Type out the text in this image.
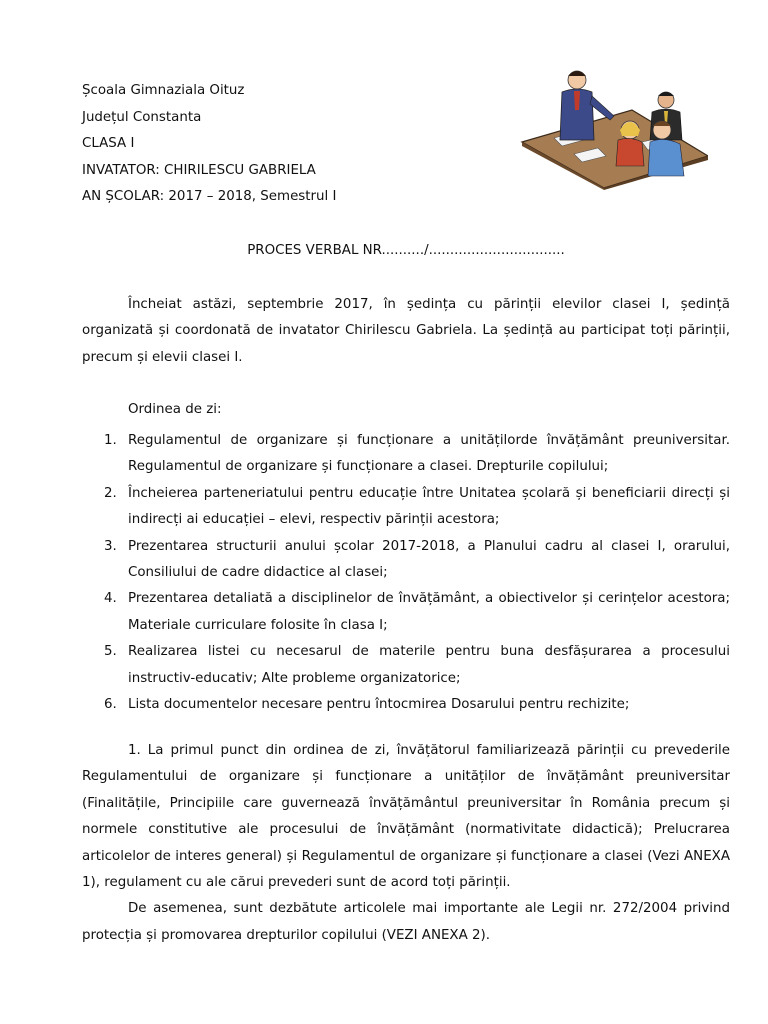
Școala Gimnaziala Oituz
Județul Constanta
CLASA I
INVATATOR: CHIRILESCU GABRIELA
AN ȘCOLAR: 2017 – 2018, Semestrul I
PROCES VERBAL NR........../................................

Încheiat astăzi, septembrie 2017, în ședința cu părinții elevilor clasei I, ședință organizată și coordonată de invatator Chirilescu Gabriela. La ședință au participat toți părinții, precum și elevii clasei I.

Ordinea de zi:
1. Regulamentul de organizare și funcționare a unitățilorde învățământ preuniversitar. Regulamentul de organizare și funcționare a clasei. Drepturile copilului;
2. Încheierea parteneriatului pentru educație între Unitatea școlară și beneficiarii direcți și indirecți ai educației – elevi, respectiv părinții acestora;
3. Prezentarea structurii anului școlar 2017-2018, a Planului cadru al clasei I, orarului, Consiliului de cadre didactice al clasei;
4. Prezentarea detaliată a disciplinelor de învățământ, a obiectivelor și cerințelor acestora; Materiale curriculare folosite în clasa I;
5. Realizarea listei cu necesarul de materile pentru buna desfășurarea a procesului instructiv-educativ; Alte probleme organizatorice;
6. Lista documentelor necesare pentru întocmirea Dosarului pentru rechizite;

1. La primul punct din ordinea de zi, învățătorul familiarizează părinții cu prevederile Regulamentului de organizare și funcționare a unităților de învățământ preuniversitar (Finalitățile, Principiile care guvernează învățământul preuniversitar în România precum și normele constitutive ale procesului de învățământ (normativitate didactică); Prelucrarea articolelor de interes general) și Regulamentul de organizare și funcționare a clasei (Vezi ANEXA 1), regulament cu ale cărui prevederi sunt de acord toți părinții.

De asemenea, sunt dezbătute articolele mai importante ale Legii nr. 272/2004 privind protecția și promovarea drepturilor copilului (VEZI ANEXA 2).
